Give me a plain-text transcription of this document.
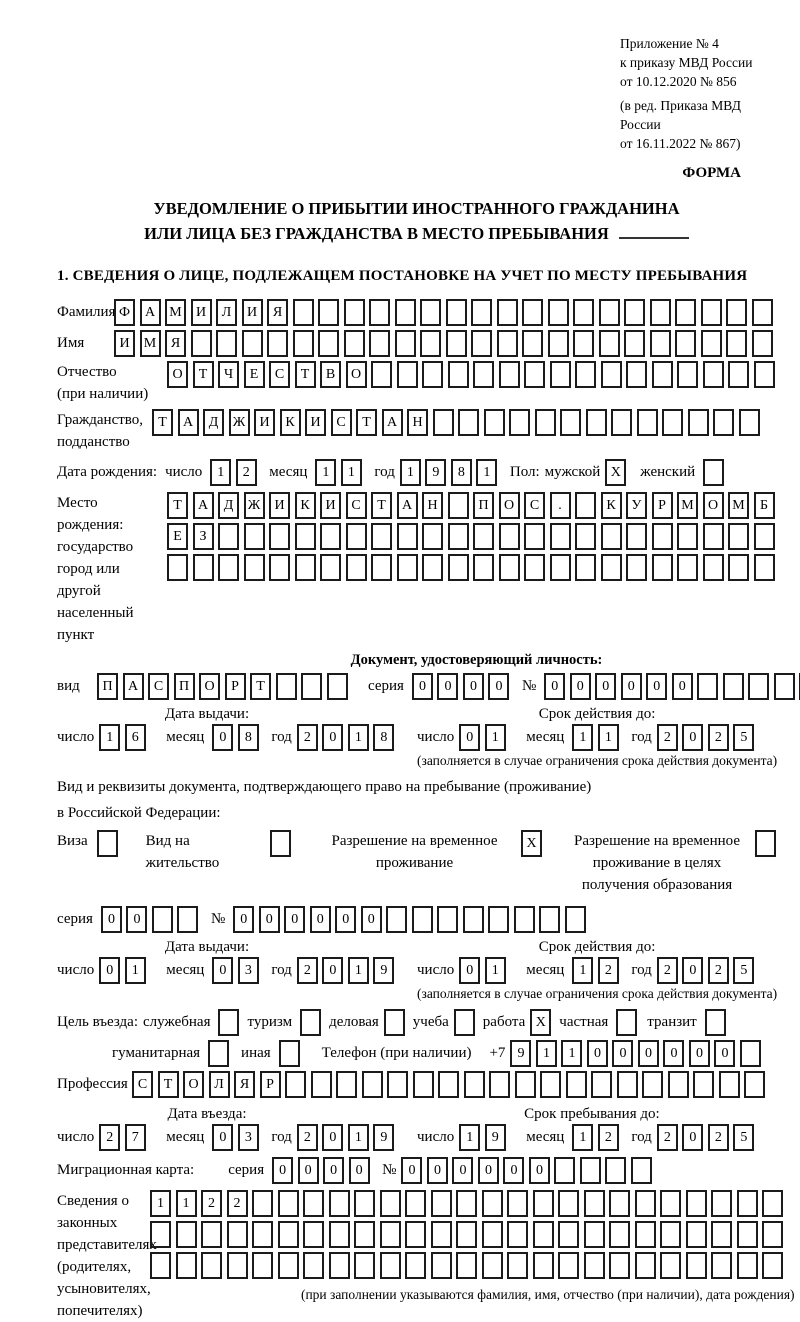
Приложение № 4
к приказу МВД России
от 10.12.2020 № 856
(в ред. Приказа МВД России
от 16.11.2022 № 867)
ФОРМА
УВЕДОМЛЕНИЕ О ПРИБЫТИИ ИНОСТРАННОГО ГРАЖДАНИНА
ИЛИ ЛИЦА БЕЗ ГРАЖДАНСТВА В МЕСТО ПРЕБЫВАНИЯ
1. СВЕДЕНИЯ О ЛИЦЕ, ПОДЛЕЖАЩЕМ ПОСТАНОВКЕ НА УЧЕТ ПО МЕСТУ ПРЕБЫВАНИЯ
Фамилия Ф	А	М	И	Л	И	Я
Имя	И	М	Я
Отчество
(при наличии)
О	Т	Ч	Е	С	Т	В	О
Гражданство,
подданство
Т	А	Д	Ж	И	К	И	С	Т	А	Н
Дата рождения: число	1	2	месяц	1	1	год 1	9	8	1	Пол: мужской X	женский
Место рождения:
государство
город или другой
населенный пункт
Т	А	Д	Ж	И	К	И	С	Т	А	Н	П	О	С	.	К	У	Р	М	О	М	Б
Е	З
Документ, удостоверяющий личность:
вид	П	А	С	П	О	Р	Т	серия	0	0	0	0	№	0	0	0	0	0	0
Дата выдачи:
число 1	6	месяц	0	8	год 2	0	1	8
Срок действия до:
число 0	1	месяц	1	1	год 2	0	2	5
(заполняется в случае ограничения срока действия документа)
Вид и реквизиты документа, подтверждающего право на пребывание (проживание)
в Российской Федерации:
Виза	Вид на жительство
Разрешение на временное проживание
X	Разрешение на временное проживание в целях получения образования
серия	0	0	№	0	0	0	0	0	0
Дата выдачи:
число 0	1	месяц	0	3	год 2	0	1	9
Срок действия до:
число 0	1	месяц	1	2	год 2	0	2	5
(заполняется в случае ограничения срока действия документа)
Цель въезда: служебная туризм деловая учеба работа X частная	транзит
гуманитарная	иная	Телефон (при наличии) +7 9	1	1	0	0	0	0	0	0
Профессия С	Т	О	Л	Я	Р
Дата въезда:
число 2	7	месяц	0	3	год 2	0	1	9
Срок пребывания до:
число 1	9	месяц	1	2	год 2	0	2	5
Миграционная карта: серия	0	0	0	0	№ 0	0	0	0	0	0
Сведения о
законных
представителях
(родителях,
усыновителях,
попечителях)
1	1	2	2
(при заполнении указываются фамилия, имя, отчество (при наличии), дата рождения)
